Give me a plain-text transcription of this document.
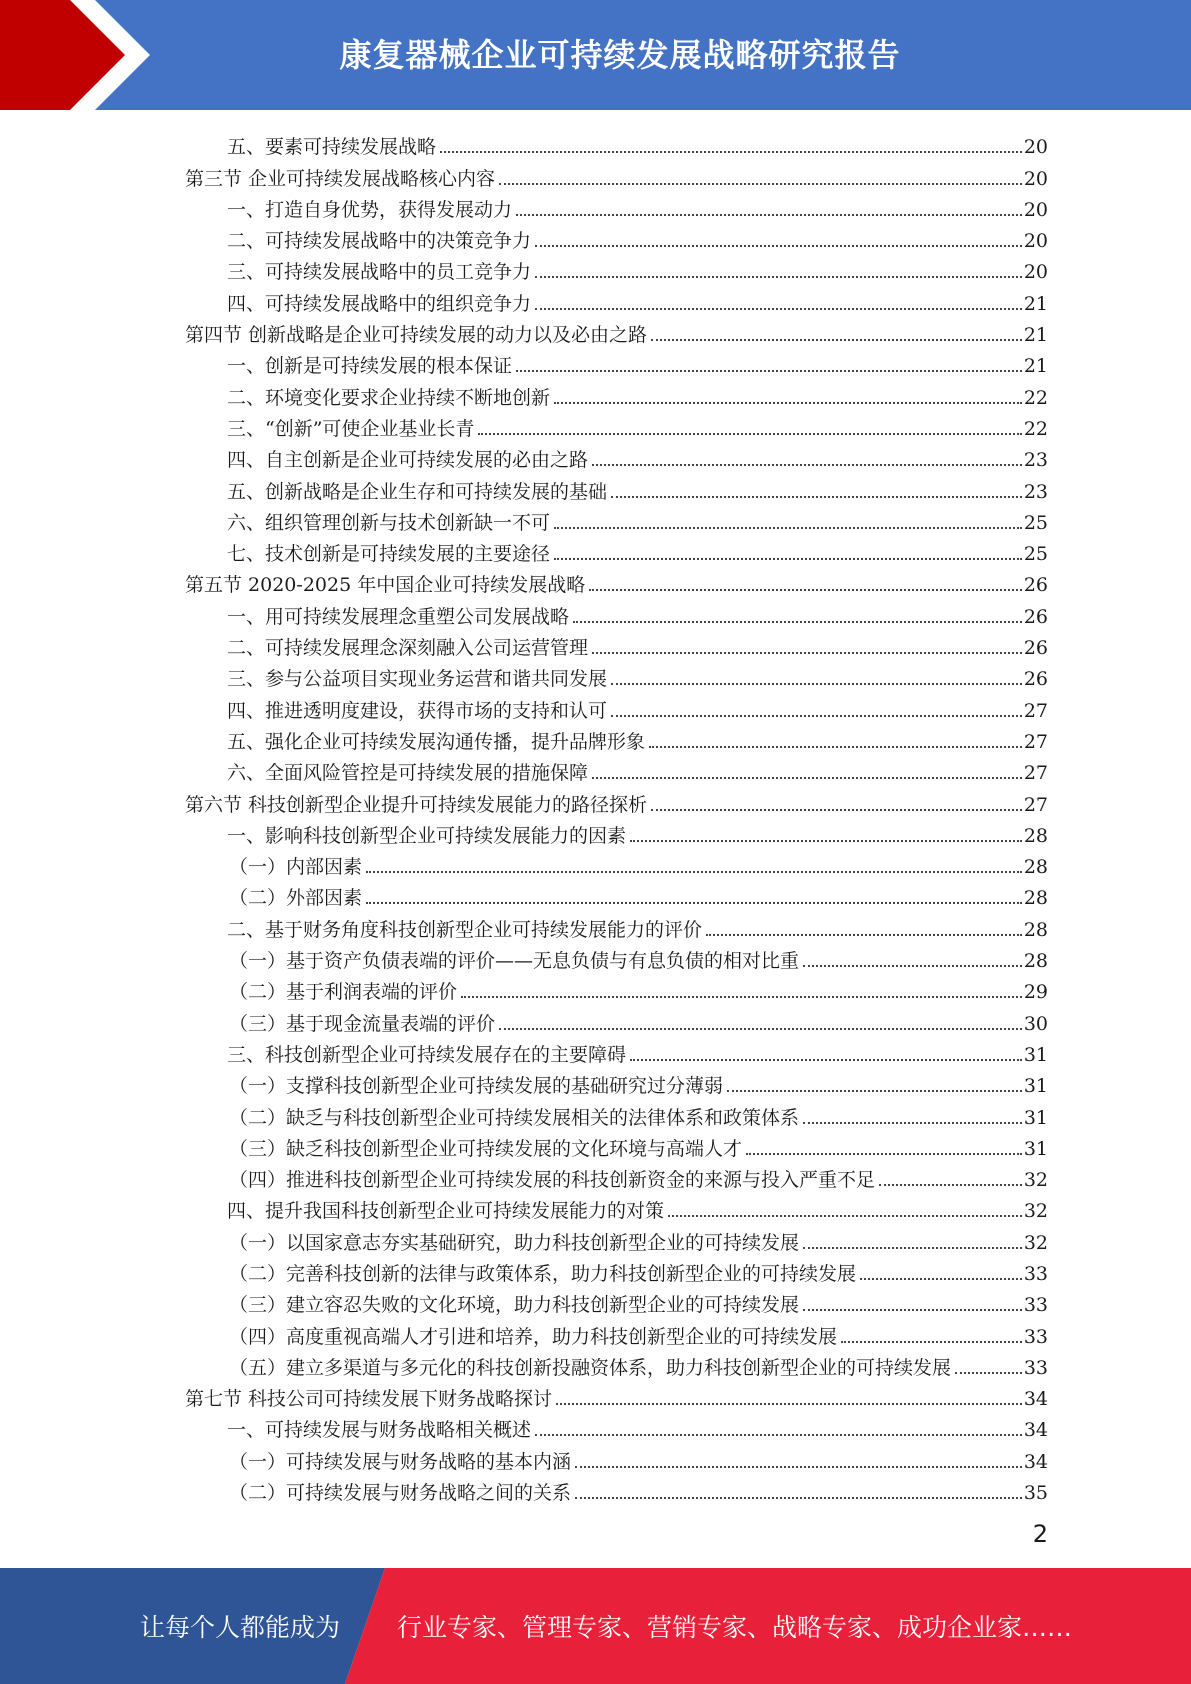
康复器械企业可持续发展战略研究报告
五、要素可持续发展战略	20
第三节 企业可持续发展战略核心内容	20
一、打造自身优势，获得发展动力	20
二、可持续发展战略中的决策竞争力	20
三、可持续发展战略中的员工竞争力	20
四、可持续发展战略中的组织竞争力	21
第四节 创新战略是企业可持续发展的动力以及必由之路	21
一、创新是可持续发展的根本保证	21
二、环境变化要求企业持续不断地创新	22
三、“创新”可使企业基业长青	22
四、自主创新是企业可持续发展的必由之路	23
五、创新战略是企业生存和可持续发展的基础	23
六、组织管理创新与技术创新缺一不可	25
七、技术创新是可持续发展的主要途径	25
第五节 2020-2025 年中国企业可持续发展战略	26
一、用可持续发展理念重塑公司发展战略	26
二、可持续发展理念深刻融入公司运营管理	26
三、参与公益项目实现业务运营和谐共同发展	26
四、推进透明度建设，获得市场的支持和认可	27
五、强化企业可持续发展沟通传播，提升品牌形象	27
六、全面风险管控是可持续发展的措施保障	27
第六节 科技创新型企业提升可持续发展能力的路径探析	27
一、影响科技创新型企业可持续发展能力的因素	28
（一）内部因素	28
（二）外部因素	28
二、基于财务角度科技创新型企业可持续发展能力的评价	28
（一）基于资产负债表端的评价——无息负债与有息负债的相对比重	28
（二）基于利润表端的评价	29
（三）基于现金流量表端的评价	30
三、科技创新型企业可持续发展存在的主要障碍	31
（一）支撑科技创新型企业可持续发展的基础研究过分薄弱	31
（二）缺乏与科技创新型企业可持续发展相关的法律体系和政策体系	31
（三）缺乏科技创新型企业可持续发展的文化环境与高端人才	31
（四）推进科技创新型企业可持续发展的科技创新资金的来源与投入严重不足	32
四、提升我国科技创新型企业可持续发展能力的对策	32
（一）以国家意志夯实基础研究，助力科技创新型企业的可持续发展	32
（二）完善科技创新的法律与政策体系，助力科技创新型企业的可持续发展	33
（三）建立容忍失败的文化环境，助力科技创新型企业的可持续发展	33
（四）高度重视高端人才引进和培养，助力科技创新型企业的可持续发展	33
（五）建立多渠道与多元化的科技创新投融资体系，助力科技创新型企业的可持续发展	33
第七节 科技公司可持续发展下财务战略探讨	34
一、可持续发展与财务战略相关概述	34
（一）可持续发展与财务战略的基本内涵	34
（二）可持续发展与财务战略之间的关系	35
2
让每个人都能成为 行业专家、管理专家、营销专家、战略专家、成功企业家……
